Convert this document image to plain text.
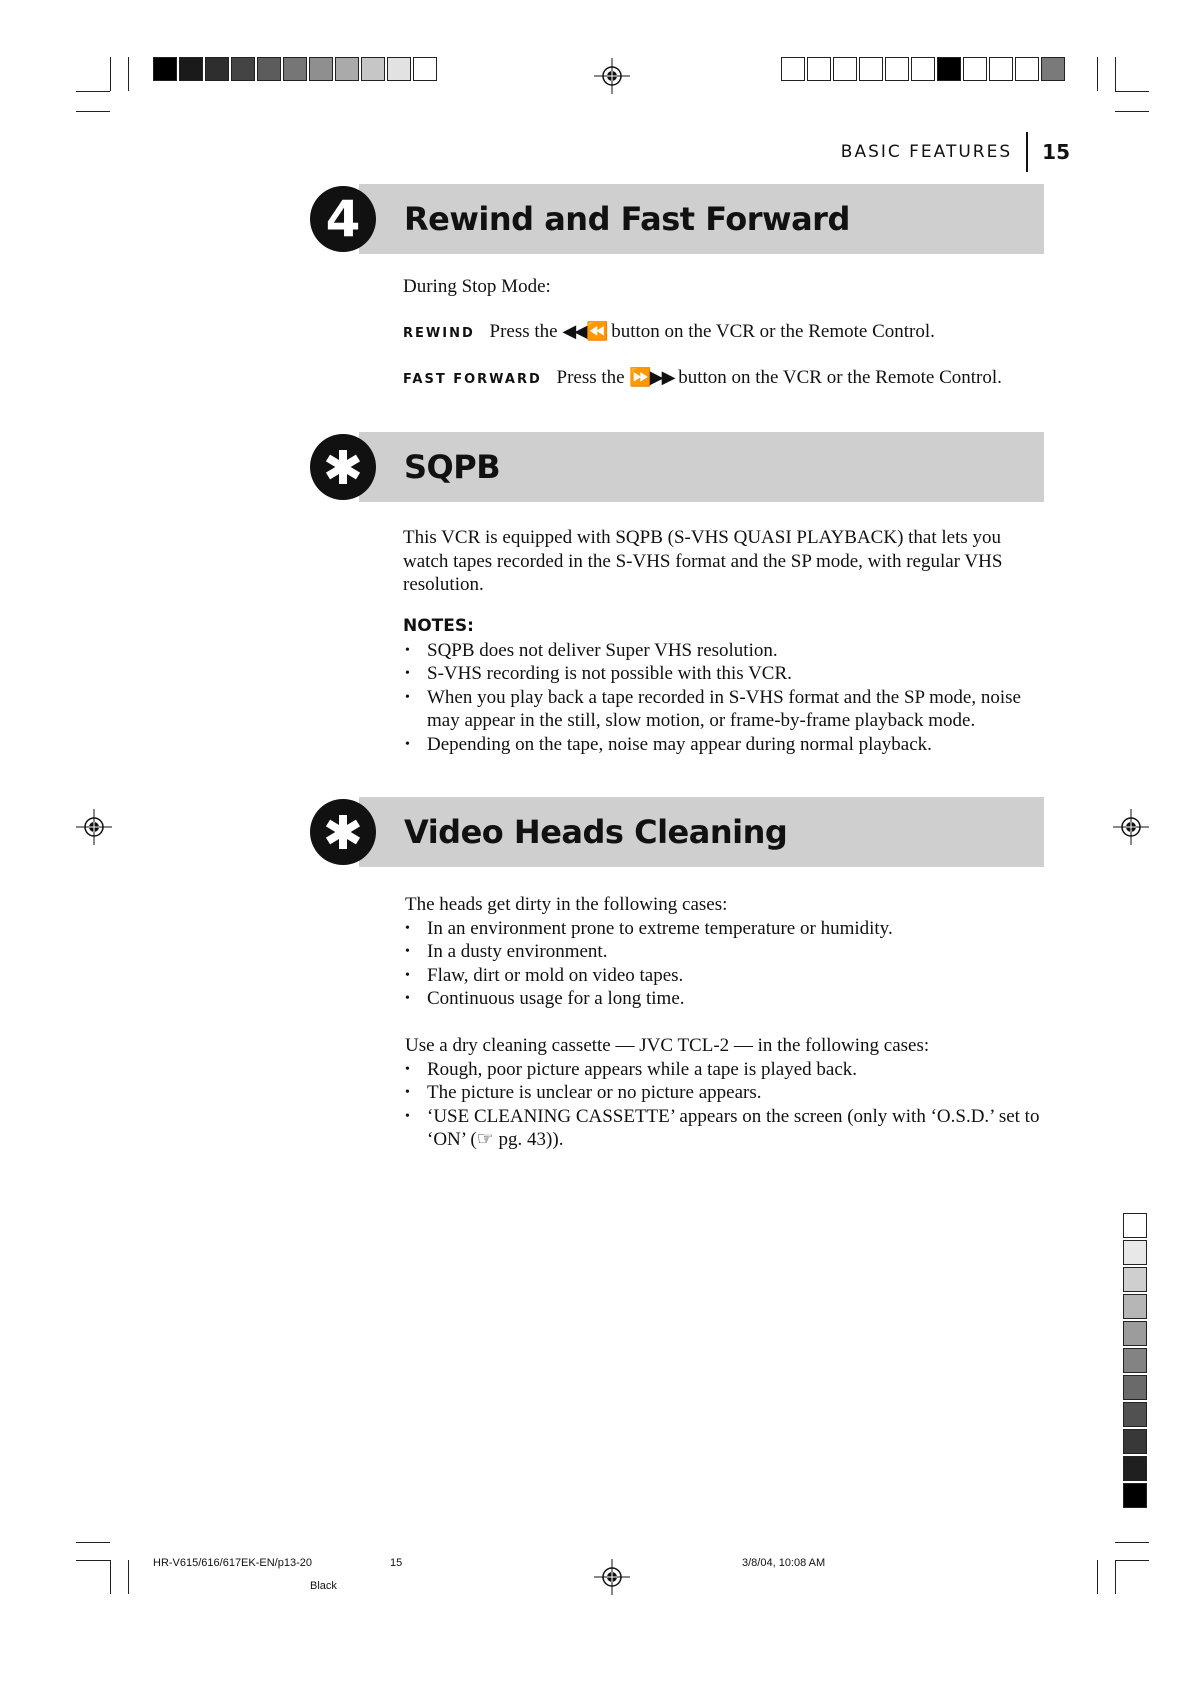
BASIC FEATURES 15
Rewind and Fast Forward
4
During Stop Mode:
REWIND Press the ◀◀⏪ button on the VCR or the Remote Control.
FAST FORWARD Press the ⏩▶▶ button on the VCR or the Remote Control.
SQPB
This VCR is equipped with SQPB (S-VHS QUASI PLAYBACK) that lets you watch tapes recorded in the S-VHS format and the SP mode, with regular VHS resolution.
NOTES:
• SQPB does not deliver Super VHS resolution.
• S-VHS recording is not possible with this VCR.
• When you play back a tape recorded in S-VHS format and the SP mode, noise may appear in the still, slow motion, or frame-by-frame playback mode.
• Depending on the tape, noise may appear during normal playback.
Video Heads Cleaning
The heads get dirty in the following cases:
• In an environment prone to extreme temperature or humidity.
• In a dusty environment.
• Flaw, dirt or mold on video tapes.
• Continuous usage for a long time.
Use a dry cleaning cassette — JVC TCL-2 — in the following cases:
• Rough, poor picture appears while a tape is played back.
• The picture is unclear or no picture appears.
• ‘USE CLEANING CASSETTE’ appears on the screen (only with ‘O.S.D.’ set to ‘ON’ (☞ pg. 43)).
HR-V615/616/617EK-EN/p13-20	15	3/8/04, 10:08 AM
Black
